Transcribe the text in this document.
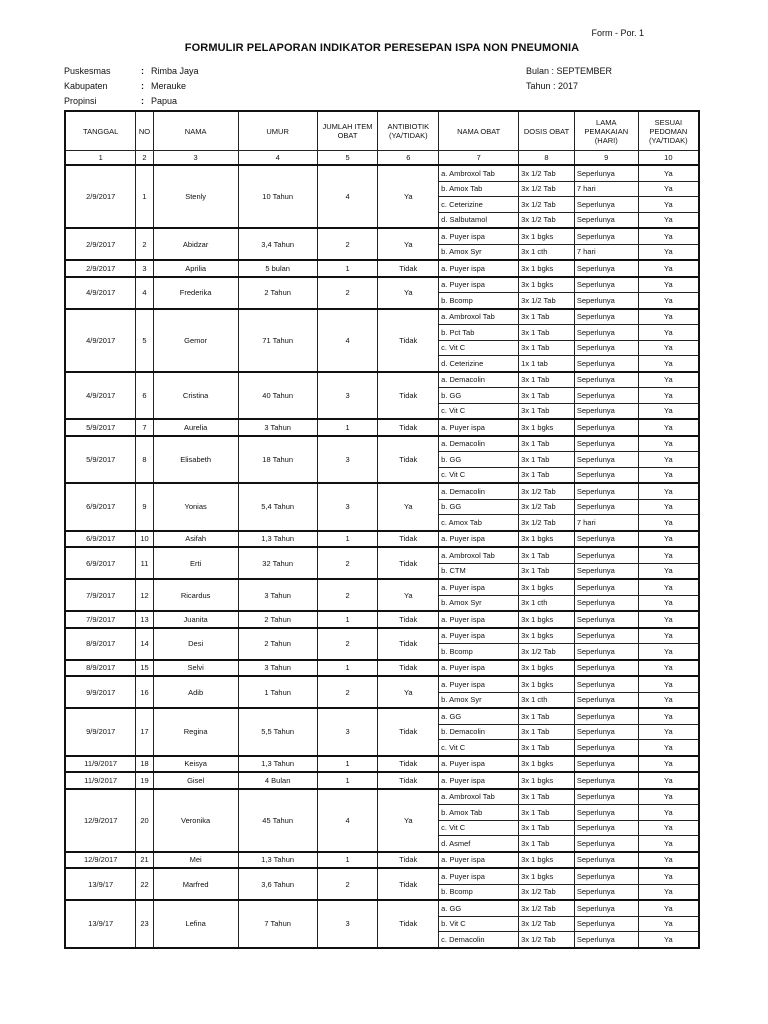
Form - Por. 1
FORMULIR PELAPORAN INDIKATOR PERESEPAN ISPA NON PNEUMONIA
Puskesmas	: Rimba Jaya
Kabupaten	: Merauke
Propinsi	: Papua
Bulan : SEPTEMBER
Tahun : 2017
TANGGAL	NO	NAMA	UMUR	JUMLAH ITEM OBAT	ANTIBIOTIK (YA/TIDAK)	NAMA OBAT	DOSIS OBAT	LAMA PEMAKAIAN (HARI)	SESUAI PEDOMAN (YA/TIDAK)
1	2	3	4	5	6	7	8	9	10
2/9/2017	1	Stenly	10 Tahun	4	Ya	a. Ambroxol Tab	3x 1/2 Tab	Seperlunya	Ya
						b. Amox Tab	3x 1/2 Tab	7 hari	Ya
						c. Ceterizine	3x 1/2 Tab	Seperlunya	Ya
						d. Salbutamol	3x 1/2 Tab	Seperlunya	Ya
2/9/2017	2	Abidzar	3,4 Tahun	2	Ya	a. Puyer ispa	3x 1 bgks	Seperlunya	Ya
						b. Amox Syr	3x 1 cth	7 hari	Ya
2/9/2017	3	Aprilia	5 bulan	1	Tidak	a. Puyer ispa	3x 1 bgks	Seperlunya	Ya
4/9/2017	4	Frederika	2 Tahun	2	Ya	a. Puyer ispa	3x 1 bgks	Seperlunya	Ya
						b. Bcomp	3x 1/2 Tab	Seperlunya	Ya
4/9/2017	5	Gemor	71 Tahun	4	Tidak	a. Ambroxol Tab	3x 1 Tab	Seperlunya	Ya
						b. Pct Tab	3x 1 Tab	Seperlunya	Ya
						c. Vit C	3x 1 Tab	Seperlunya	Ya
						d. Ceterizine	1x 1 tab	Seperlunya	Ya
4/9/2017	6	Cristina	40 Tahun	3	Tidak	a. Demacolin	3x 1 Tab	Seperlunya	Ya
						b. GG	3x 1 Tab	Seperlunya	Ya
						c. Vit C	3x 1 Tab	Seperlunya	Ya
5/9/2017	7	Aurelia	3 Tahun	1	Tidak	a. Puyer ispa	3x 1 bgks	Seperlunya	Ya
5/9/2017	8	Elisabeth	18 Tahun	3	Tidak	a. Demacolin	3x 1 Tab	Seperlunya	Ya
						b. GG	3x 1 Tab	Seperlunya	Ya
						c. Vit C	3x 1 Tab	Seperlunya	Ya
6/9/2017	9	Yonias	5,4 Tahun	3	Ya	a. Demacolin	3x 1/2 Tab	Seperlunya	Ya
						b. GG	3x 1/2 Tab	Seperlunya	Ya
						c. Amox Tab	3x 1/2 Tab	7 hari	Ya
6/9/2017	10	Asifah	1,3 Tahun	1	Tidak	a. Puyer ispa	3x 1 bgks	Seperlunya	Ya
6/9/2017	11	Erti	32 Tahun	2	Tidak	a. Ambroxol Tab	3x 1 Tab	Seperlunya	Ya
						b. CTM	3x 1 Tab	Seperlunya	Ya
7/9/2017	12	Ricardus	3 Tahun	2	Ya	a. Puyer ispa	3x 1 bgks	Seperlunya	Ya
						b. Amox Syr	3x 1 cth	Seperlunya	Ya
7/9/2017	13	Juanita	2 Tahun	1	Tidak	a. Puyer ispa	3x 1 bgks	Seperlunya	Ya
8/9/2017	14	Desi	2 Tahun	2	Tidak	a. Puyer ispa	3x 1 bgks	Seperlunya	Ya
						b. Bcomp	3x 1/2 Tab	Seperlunya	Ya
8/9/2017	15	Selvi	3 Tahun	1	Tidak	a. Puyer ispa	3x 1 bgks	Seperlunya	Ya
9/9/2017	16	Adib	1 Tahun	2	Ya	a. Puyer ispa	3x 1 bgks	Seperlunya	Ya
						b. Amox Syr	3x 1 cth	Seperlunya	Ya
9/9/2017	17	Regina	5,5 Tahun	3	Tidak	a. GG	3x 1 Tab	Seperlunya	Ya
						b. Demacolin	3x 1 Tab	Seperlunya	Ya
						c. Vit C	3x 1 Tab	Seperlunya	Ya
11/9/2017	18	Keisya	1,3 Tahun	1	Tidak	a. Puyer ispa	3x 1 bgks	Seperlunya	Ya
11/9/2017	19	Gisel	4 Bulan	1	Tidak	a. Puyer ispa	3x 1 bgks	Seperlunya	Ya
12/9/2017	20	Veronika	45 Tahun	4	Ya	a. Ambroxol Tab	3x 1 Tab	Seperlunya	Ya
						b. Amox Tab	3x 1 Tab	Seperlunya	Ya
						c. Vit C	3x 1 Tab	Seperlunya	Ya
						d. Asmef	3x 1 Tab	Seperlunya	Ya
12/9/2017	21	Mei	1,3 Tahun	1	Tidak	a. Puyer ispa	3x 1 bgks	Seperlunya	Ya
13/9/17	22	Marfred	3,6 Tahun	2	Tidak	a. Puyer ispa	3x 1 bgks	Seperlunya	Ya
						b. Bcomp	3x 1/2 Tab	Seperlunya	Ya
13/9/17	23	Lefina	7 Tahun	3	Tidak	a. GG	3x 1/2 Tab	Seperlunya	Ya
						b. Vit C	3x 1/2 Tab	Seperlunya	Ya
						c. Demacolin	3x 1/2 Tab	Seperlunya	Ya
